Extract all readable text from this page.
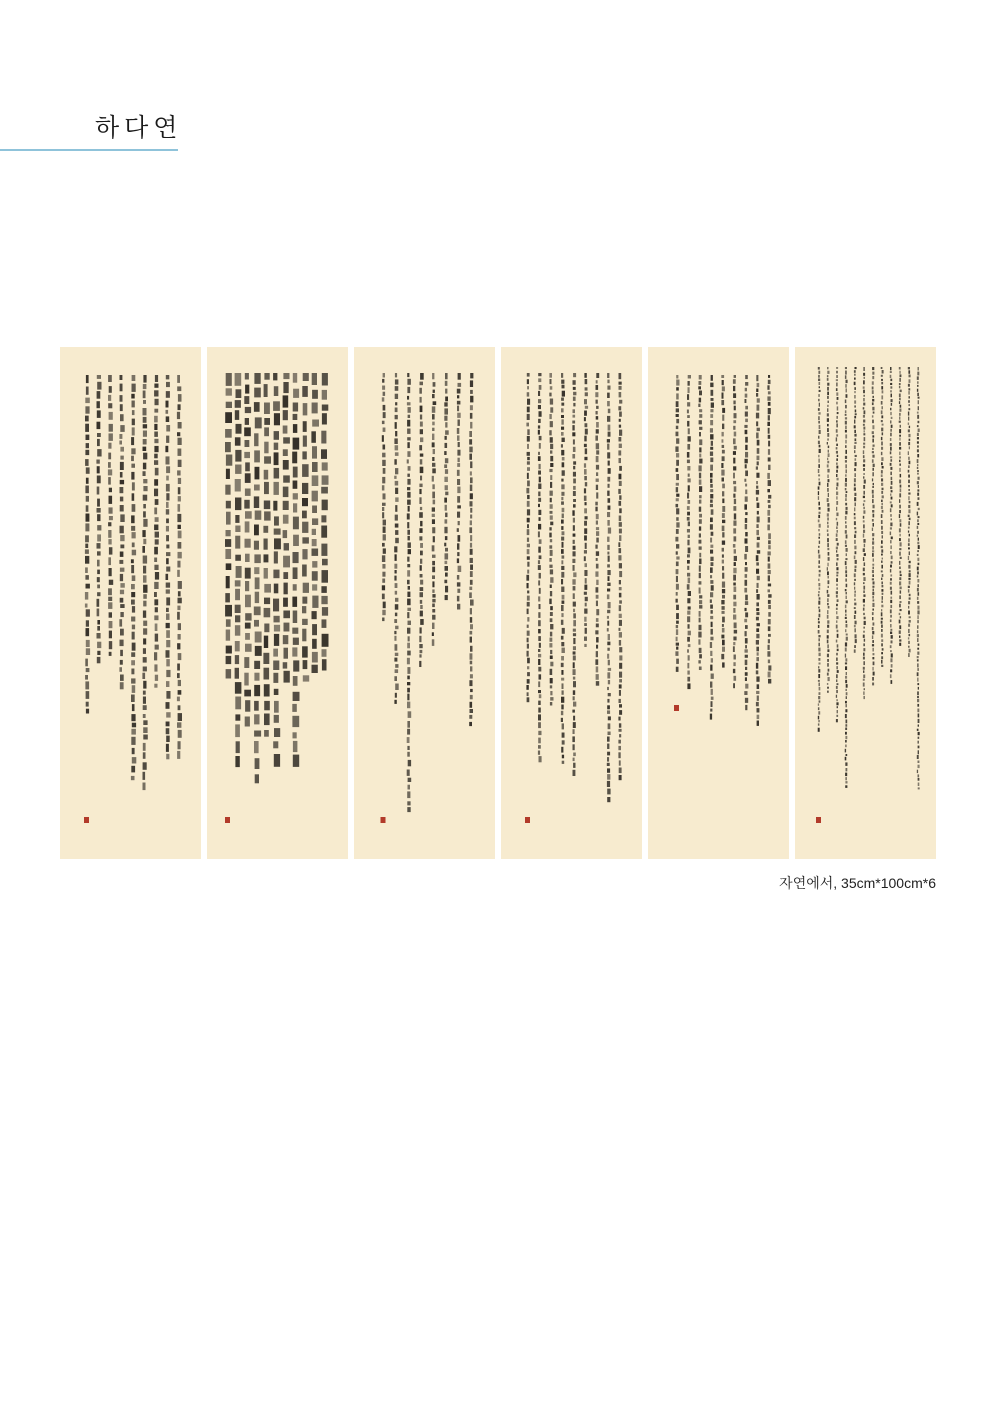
하다연
자연에서, 35cm*100cm*6
